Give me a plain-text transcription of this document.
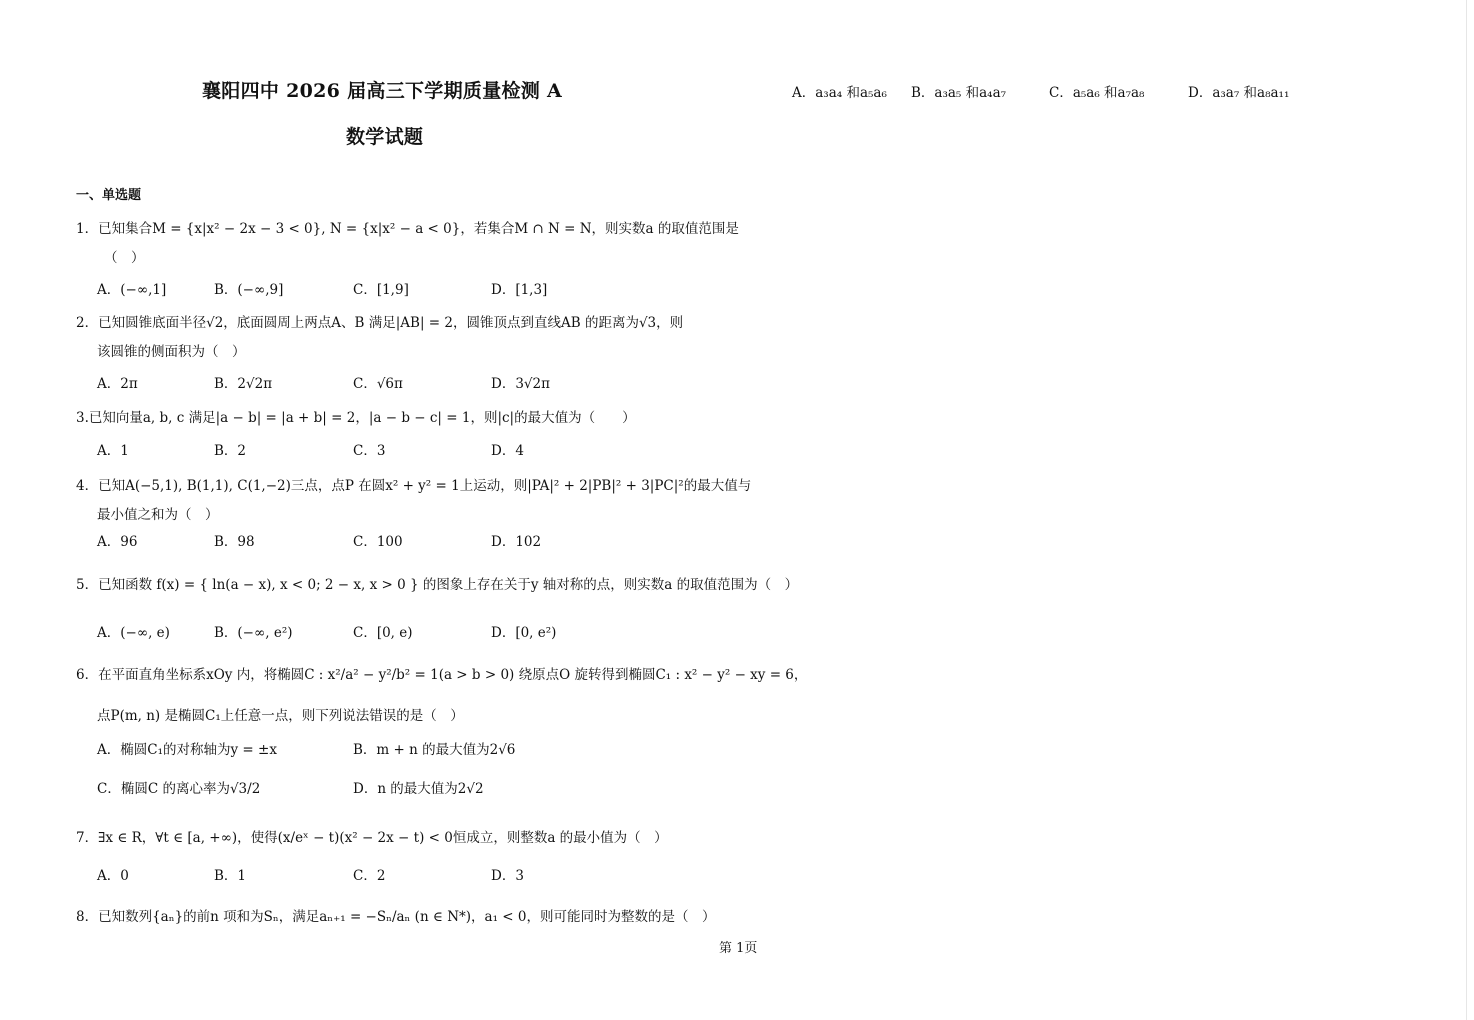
襄阳四中 2026 届高三下学期质量检测 A
数学试题
一、单选题
1．已知集合M = {x|x² − 2x − 3 < 0}, N = {x|x² − a < 0}，若集合M ∩ N = N，则实数a 的取值范围是
（　）
A．(−∞,1]	B．(−∞,9]	C．[1,9]	D．[1,3]
2．已知圆锥底面半径√2，底面圆周上两点A、B 满足|AB| = 2，圆锥顶点到直线AB 的距离为√3，则
该圆锥的侧面积为（　）
A．2π	B．2√2π	C．√6π	D．3√2π
3.已知向量a, b, c 满足|a − b| = |a + b| = 2，|a − b − c| = 1，则|c|的最大值为（　　）
A．1	B．2	C．3	D．4
4．已知A(−5,1), B(1,1), C(1,−2)三点，点P 在圆x² + y² = 1上运动，则|PA|² + 2|PB|² + 3|PC|²的最大值与
最小值之和为（　）
A．96	B．98	C．100	D．102
5．已知函数 f(x) = { ln(a − x), x < 0; 2 − x, x > 0 } 的图象上存在关于y 轴对称的点，则实数a 的取值范围为（　）
A．(−∞, e)	B．(−∞, e²)	C．[0, e)	D．[0, e²)
6．在平面直角坐标系xOy 内，将椭圆C : x²/a² − y²/b² = 1(a > b > 0) 绕原点O 旋转得到椭圆C₁ : x² − y² − xy = 6，
点P(m, n) 是椭圆C₁上任意一点，则下列说法错误的是（　）
A．椭圆C₁的对称轴为y = ±x	B．m + n 的最大值为2√6
C．椭圆C 的离心率为√3/2	D．n 的最大值为2√2
7．∃x ∈ R，∀t ∈ [a, +∞)，使得(x/eˣ − t)(x² − 2x − t) < 0恒成立，则整数a 的最小值为（　）
A．0	B．1	C．2	D．3
8．已知数列{aₙ}的前n 项和为Sₙ，满足aₙ₊₁ = −Sₙ/aₙ (n ∈ N*)，a₁ < 0，则可能同时为整数的是（　）
A．a₃a₄ 和a₅a₆ B．a₃a₅ 和a₄a₇	C．a₅a₆ 和a₇a₈	D．a₃a₇ 和a₈a₁₁
第 1页
